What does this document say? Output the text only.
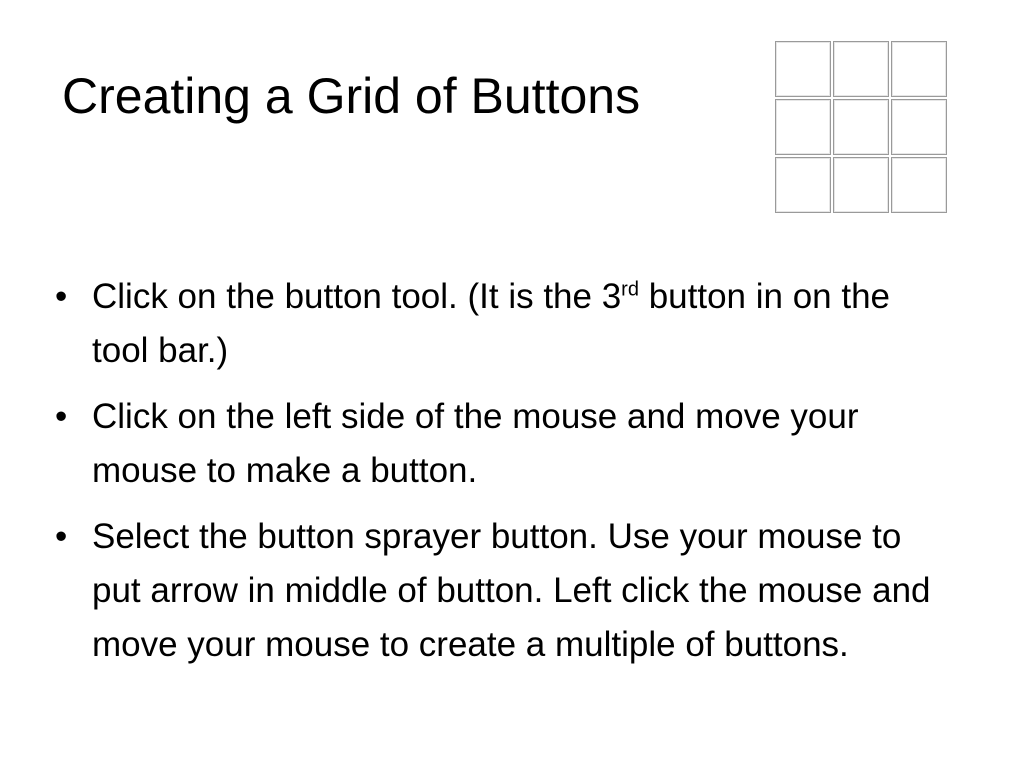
Creating a Grid of Buttons
• Click on the button tool. (It is the 3rd button in on the tool bar.)
• Click on the left side of the mouse and move your mouse to make a button.
• Select the button sprayer button. Use your mouse to put arrow in middle of button. Left click the mouse and move your mouse to create a multiple of buttons.
